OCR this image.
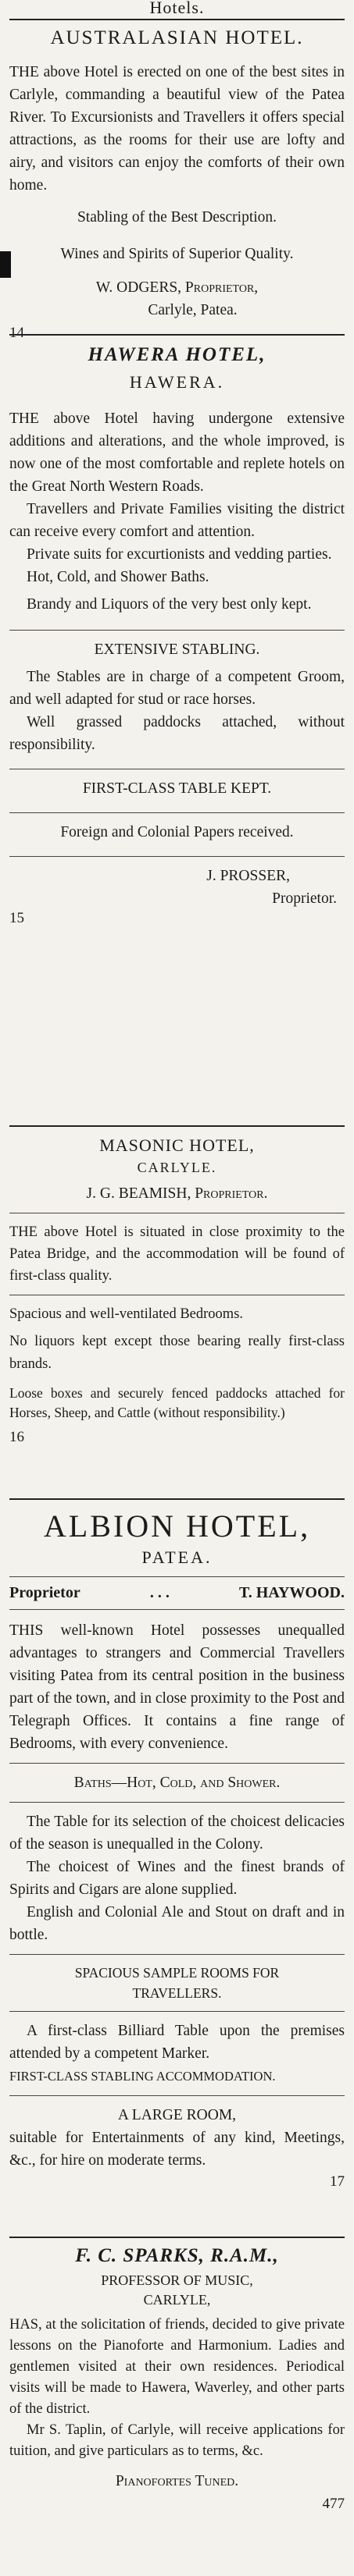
Hotels.

AUSTRALASIAN HOTEL.

THE above Hotel is erected on one of the best sites in Carlyle, commanding a beautiful view of the Patea River. To Excursionists and Travellers it offers special attractions, as the rooms for their use are lofty and airy, and visitors can enjoy the comforts of their own home.

Stabling of the Best Description.

Wines and Spirits of Superior Quality.

W. ODGERS, Proprietor,

Carlyle, Patea.

14

HAWERA HOTEL,

HAWERA.

THE above Hotel having undergone extensive additions and alterations, and the whole improved, is now one of the most comfortable and replete hotels on the Great North Western Roads.

Travellers and Private Families visiting the district can receive every comfort and attention.

Private suits for excurtionists and vedding parties.

Hot, Cold, and Shower Baths.

Brandy and Liquors of the very best only kept.

EXTENSIVE STABLING.

The Stables are in charge of a competent Groom, and well adapted for stud or race horses.

Well grassed paddocks attached, without responsibility.

FIRST-CLASS TABLE KEPT.

Foreign and Colonial Papers received.

J. PROSSER,

Proprietor.

15

MASONIC HOTEL,

CARLYLE.

J. G. BEAMISH, Proprietor.

THE above Hotel is situated in close proximity to the Patea Bridge, and the accommodation will be found of first-class quality.

Spacious and well-ventilated Bedrooms.

No liquors kept except those bearing really first-class brands.

Loose boxes and securely fenced paddocks attached for Horses, Sheep, and Cattle (without responsibility.)

16

ALBION HOTEL,

PATEA.

Proprietor	. . .	T. HAYWOOD.

THIS well-known Hotel possesses unequalled advantages to strangers and Commercial Travellers visiting Patea from its central position in the business part of the town, and in close proximity to the Post and Telegraph Offices. It contains a fine range of Bedrooms, with every convenience.

Baths—Hot, Cold, and Shower.

The Table for its selection of the choicest delicacies of the season is unequalled in the Colony.

The choicest of Wines and the finest brands of Spirits and Cigars are alone supplied.

English and Colonial Ale and Stout on draft and in bottle.

SPACIOUS SAMPLE ROOMS FOR TRAVELLERS.

A first-class Billiard Table upon the premises attended by a competent Marker.

FIRST-CLASS STABLING ACCOMMODATION.

A LARGE ROOM,

suitable for Entertainments of any kind, Meetings, &c., for hire on moderate terms.

17

F. C. SPARKS, R.A.M.,

PROFESSOR OF MUSIC,

CARLYLE,

HAS, at the solicitation of friends, decided to give private lessons on the Pianoforte and Harmonium. Ladies and gentlemen visited at their own residences. Periodical visits will be made to Hawera, Waverley, and other parts of the district.

Mr S. Taplin, of Carlyle, will receive applications for tuition, and give particulars as to terms, &c.

Pianofortes Tuned.

477
